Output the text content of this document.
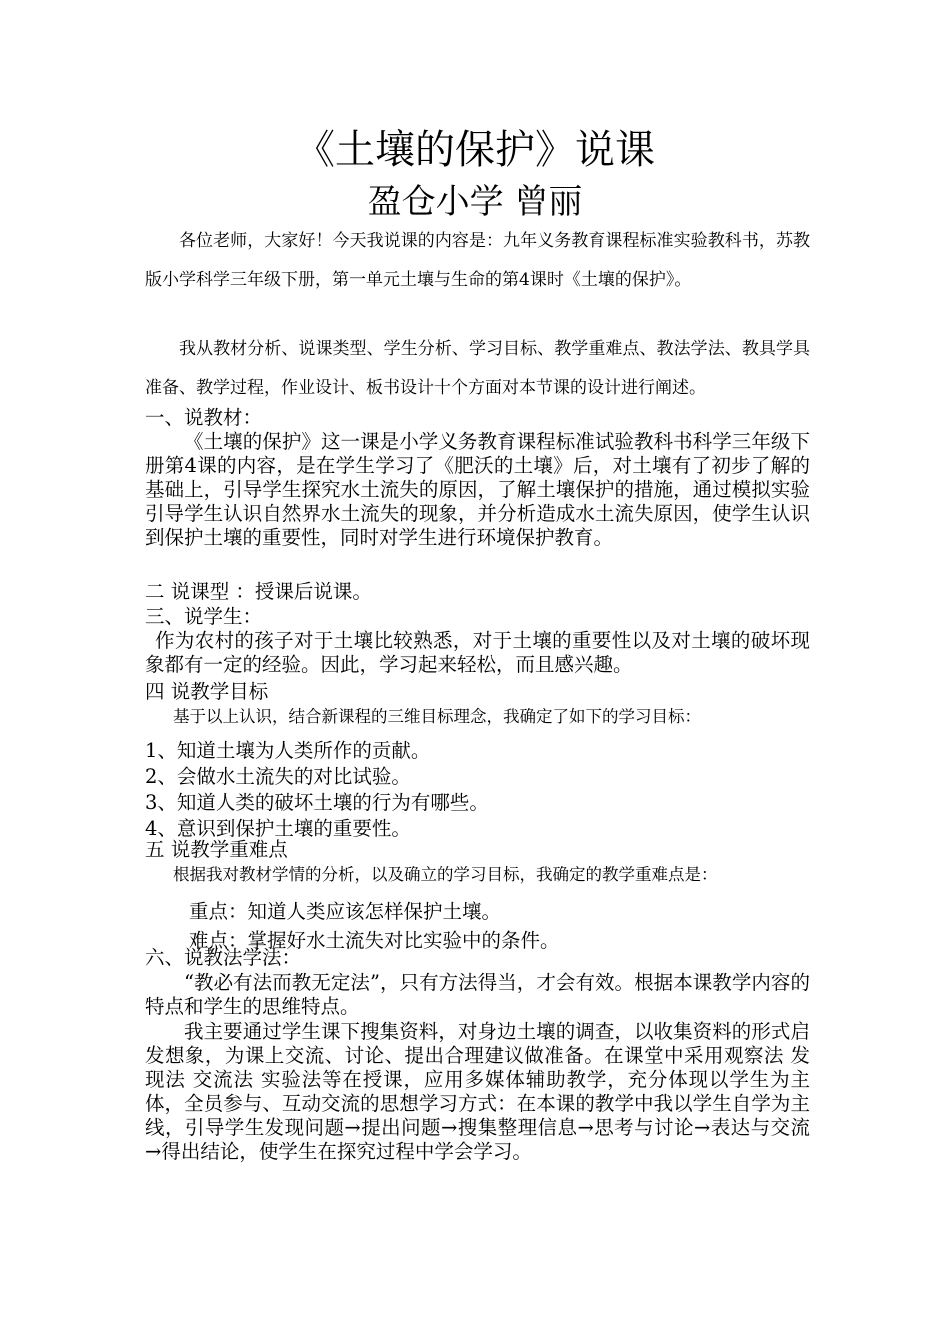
《土壤的保护》说课
盈仓小学 曾丽

各位老师，大家好！今天我说课的内容是：九年义务教育课程标准实验教科书，苏教版小学科学三年级下册，第一单元土壤与生命的第4课时《土壤的保护》。

我从教材分析、说课类型、学生分析、学习目标、教学重难点、教法学法、教具学具准备、教学过程，作业设计、板书设计十个方面对本节课的设计进行阐述。

一、说教材：

《土壤的保护》这一课是小学义务教育课程标准试验教科书科学三年级下册第4课的内容，是在学生学习了《肥沃的土壤》后，对土壤有了初步了解的基础上，引导学生探究水土流失的原因，了解土壤保护的措施，通过模拟实验引导学生认识自然界水土流失的现象，并分析造成水土流失原因，使学生认识到保护土壤的重要性，同时对学生进行环境保护教育。

二 说课型 ：授课后说课。
三、说学生：

作为农村的孩子对于土壤比较熟悉，对于土壤的重要性以及对土壤的破坏现象都有一定的经验。因此，学习起来轻松，而且感兴趣。

四 说教学目标
基于以上认识，结合新课程的三维目标理念，我确定了如下的学习目标：
1、知道土壤为人类所作的贡献。
2、会做水土流失的对比试验。
3、知道人类的破坏土壤的行为有哪些。
4、意识到保护土壤的重要性。
五 说教学重难点
根据我对教材学情的分析，以及确立的学习目标，我确定的教学重难点是：
重点：知道人类应该怎样保护土壤。
难点：掌握好水土流失对比实验中的条件。
六、说教法学法：

“教必有法而教无定法”，只有方法得当，才会有效。根据本课教学内容的特点和学生的思维特点。

我主要通过学生课下搜集资料，对身边土壤的调查，以收集资料的形式启发想象，为课上交流、讨论、提出合理建议做准备。在课堂中采用观察法 发现法 交流法 实验法等在授课，应用多媒体辅助教学，充分体现以学生为主体，全员参与、互动交流的思想学习方式：在本课的教学中我以学生自学为主线，引导学生发现问题→提出问题→搜集整理信息→思考与讨论→表达与交流→得出结论，使学生在探究过程中学会学习。
